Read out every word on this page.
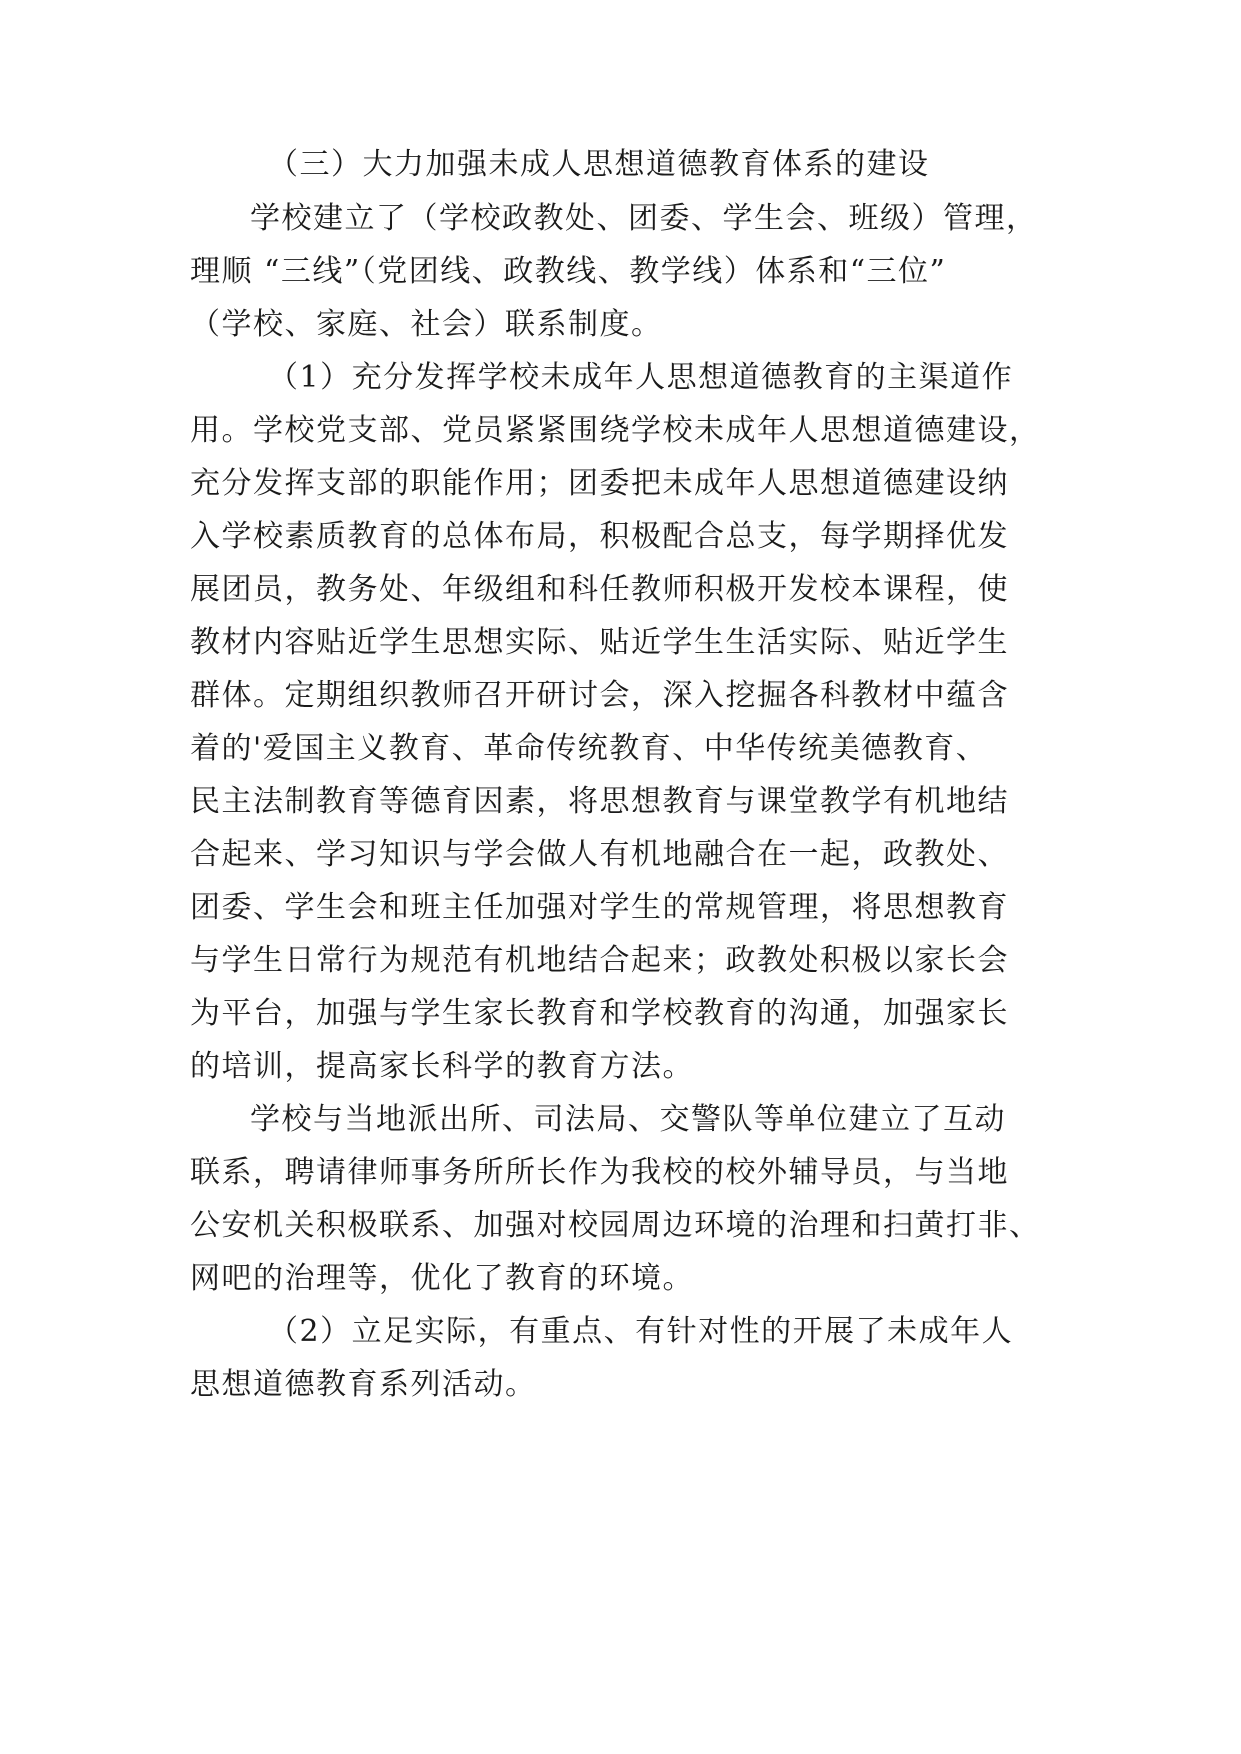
（三）大力加强未成人思想道德教育体系的建设
学校建立了（学校政教处、团委、学生会、班级）管理，
理顺 “三线”（党团线、政教线、教学线）体系和“三位”
（学校、家庭、社会）联系制度。
（1）充分发挥学校未成年人思想道德教育的主渠道作
用。学校党支部、党员紧紧围绕学校未成年人思想道德建设，
充分发挥支部的职能作用；团委把未成年人思想道德建设纳
入学校素质教育的总体布局，积极配合总支，每学期择优发
展团员，教务处、年级组和科任教师积极开发校本课程，使
教材内容贴近学生思想实际、贴近学生生活实际、贴近学生
群体。定期组织教师召开研讨会，深入挖掘各科教材中蕴含
着的'爱国主义教育、革命传统教育、中华传统美德教育、
民主法制教育等德育因素，将思想教育与课堂教学有机地结
合起来、学习知识与学会做人有机地融合在一起，政教处、
团委、学生会和班主任加强对学生的常规管理，将思想教育
与学生日常行为规范有机地结合起来；政教处积极以家长会
为平台，加强与学生家长教育和学校教育的沟通，加强家长
的培训，提高家长科学的教育方法。
学校与当地派出所、司法局、交警队等单位建立了互动
联系，聘请律师事务所所长作为我校的校外辅导员，与当地
公安机关积极联系、加强对校园周边环境的治理和扫黄打非、
网吧的治理等，优化了教育的环境。
（2）立足实际，有重点、有针对性的开展了未成年人
思想道德教育系列活动。
